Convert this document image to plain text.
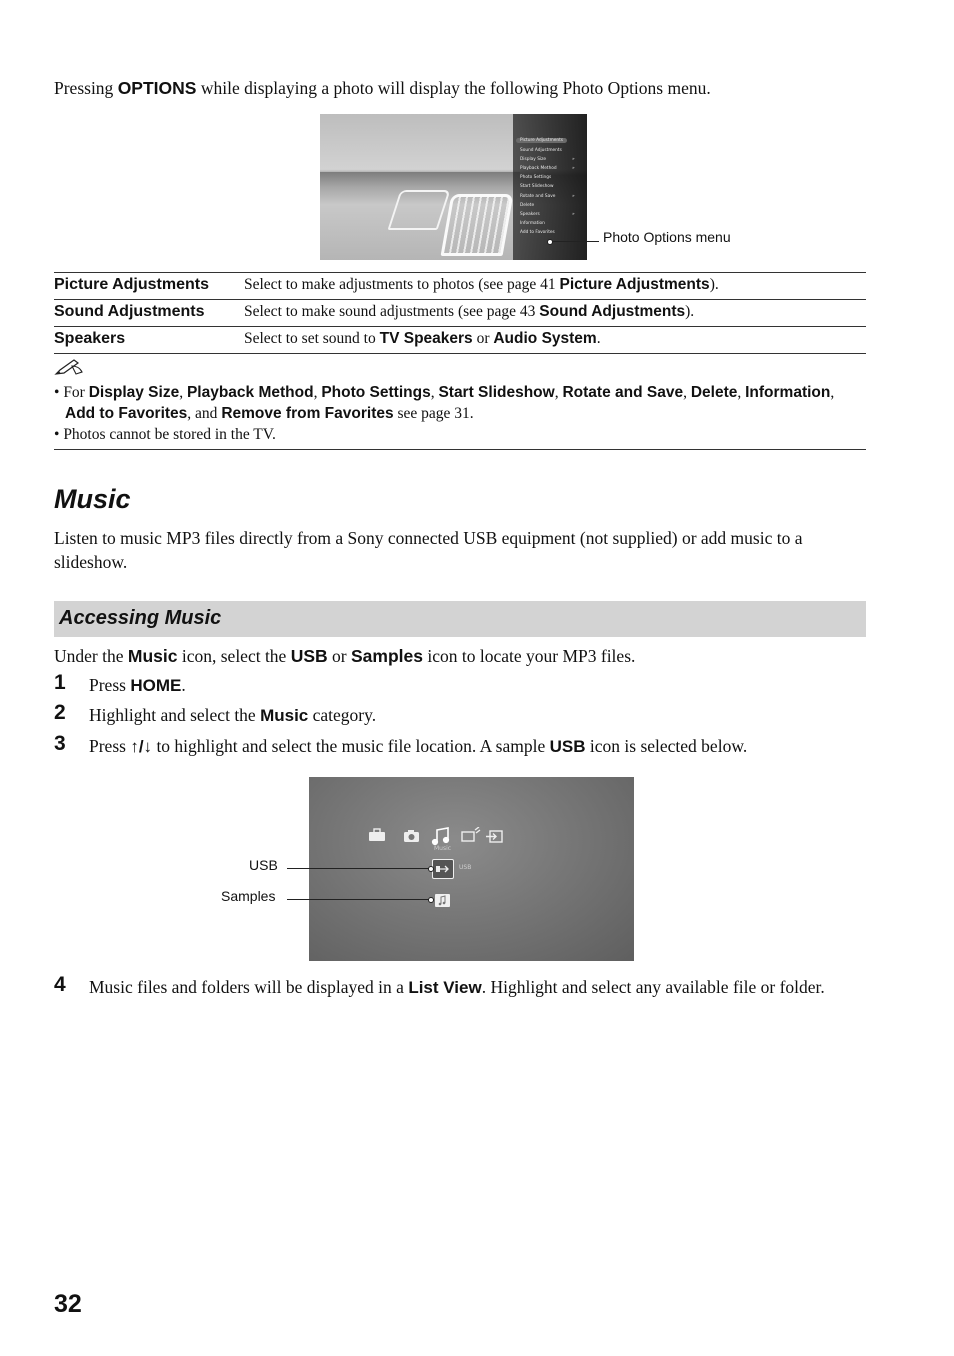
Pressing OPTIONS while displaying a photo will display the following Photo Options menu.

Picture Adjustments
Sound Adjustments
Display Size	»
Playback Method	»
Photo Settings
Start Slideshow
Rotate and Save	»
Delete
Speakers	»
Information
Add to Favorites	Photo Options menu
Picture Adjustments	Select to make adjustments to photos (see page 41 Picture Adjustments).
Sound Adjustments	Select to make sound adjustments (see page 43 Sound Adjustments).
Speakers	Select to set sound to TV Speakers or Audio System.

• For Display Size, Playback Method, Photo Settings, Start Slideshow, Rotate and Save, Delete, Information, Add to Favorites, and Remove from Favorites see page 31.

• Photos cannot be stored in the TV.

Music

Listen to music MP3 files directly from a Sony connected USB equipment (not supplied) or add music to a slideshow.

Accessing Music

Under the Music icon, select the USB or Samples icon to locate your MP3 files.

1 Press HOME.
2 Highlight and select the Music category.
3 Press ↑/↓ to highlight and select the music file location. A sample USB icon is selected below.
Music
USB
USB
Samples
4 Music files and folders will be displayed in a List View. Highlight and select any available file or folder.
32
